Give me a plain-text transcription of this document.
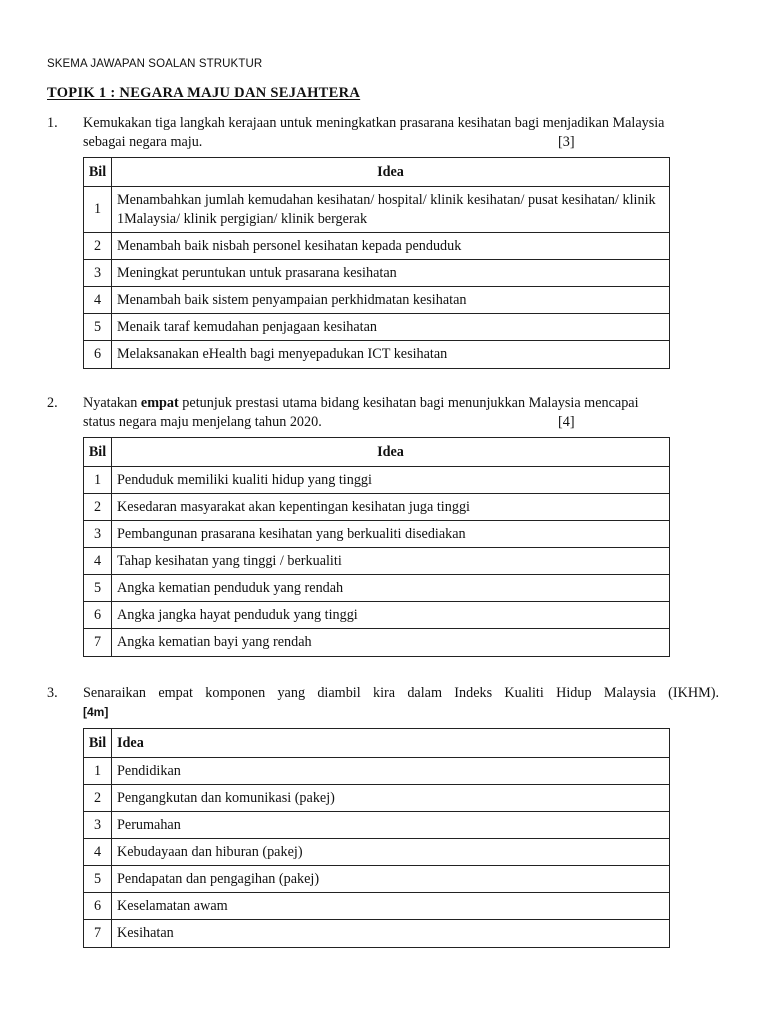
SKEMA JAWAPAN SOALAN STRUKTUR
TOPIK 1 : NEGARA MAJU DAN SEJAHTERA
1. Kemukakan tiga langkah kerajaan untuk meningkatkan prasarana kesihatan bagi menjadikan Malaysia
sebagai negara maju.	[3]
Bil	Idea
1	Menambahkan jumlah kemudahan kesihatan/ hospital/ klinik kesihatan/ pusat kesihatan/ klinik 1Malaysia/ klinik pergigian/ klinik bergerak
2	Menambah baik nisbah personel kesihatan kepada penduduk
3	Meningkat peruntukan untuk prasarana kesihatan
4	Menambah baik sistem penyampaian perkhidmatan kesihatan
5	Menaik taraf kemudahan penjagaan kesihatan
6	Melaksanakan eHealth bagi menyepadukan ICT kesihatan
2. Nyatakan empat petunjuk prestasi utama bidang kesihatan bagi menunjukkan Malaysia mencapai
status negara maju menjelang tahun 2020.	[4]
Bil	Idea
1	Penduduk memiliki kualiti hidup yang tinggi
2	Kesedaran masyarakat akan kepentingan kesihatan juga tinggi
3	Pembangunan prasarana kesihatan yang berkualiti disediakan
4	Tahap kesihatan yang tinggi / berkualiti
5	Angka kematian penduduk yang rendah
6	Angka jangka hayat penduduk yang tinggi
7	Angka kematian bayi yang rendah
3. Senaraikan empat komponen yang diambil kira dalam Indeks Kualiti Hidup Malaysia (IKHM).
[4m]
Bil	Idea
1	Pendidikan
2	Pengangkutan dan komunikasi (pakej)
3	Perumahan
4	Kebudayaan dan hiburan (pakej)
5	Pendapatan dan pengagihan (pakej)
6	Keselamatan awam
7	Kesihatan
